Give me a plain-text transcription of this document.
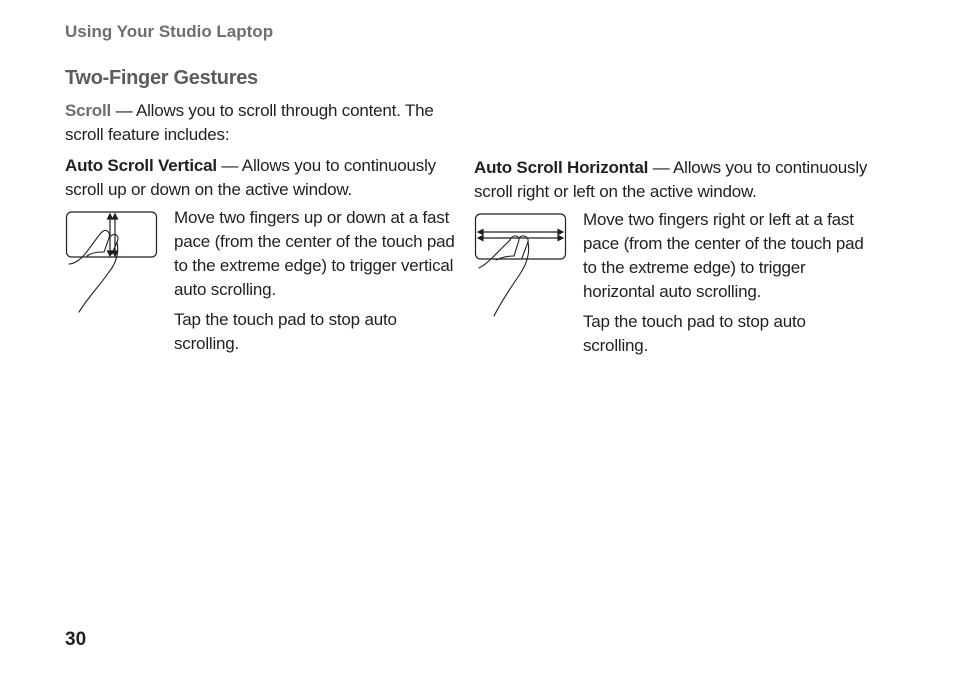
Using Your Studio Laptop
Two-Finger Gestures

Scroll — Allows you to scroll through content. The scroll feature includes:

Auto Scroll Vertical — Allows you to continuously scroll up or down on the active window.

Move two fingers up or down at a fast pace (from the center of the touch pad to the extreme edge) to trigger vertical auto scrolling.

Tap the touch pad to stop auto scrolling.

Auto Scroll Horizontal — Allows you to continuously scroll right or left on the active window.

Move two fingers right or left at a fast pace (from the center of the touch pad to the extreme edge) to trigger horizontal auto scrolling.

Tap the touch pad to stop auto scrolling.

30
